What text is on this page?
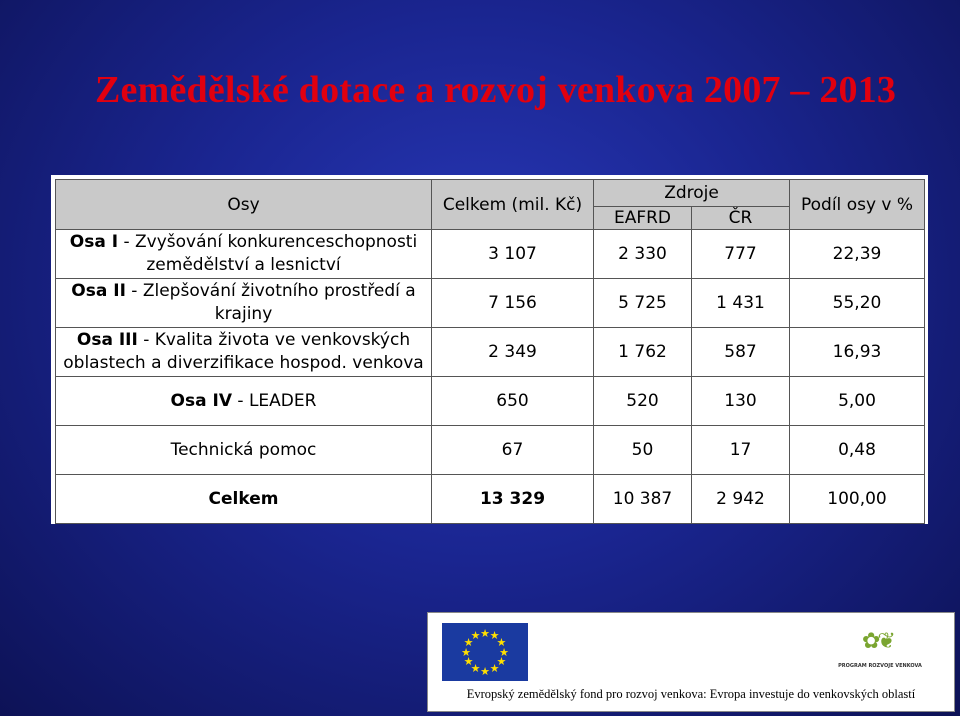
Zemědělské dotace a rozvoj venkova 2007 – 2013
Osy	Celkem (mil. Kč)	Zdroje		Podíl osy v %
		EAFRD	ČR	
Osa I - Zvyšování konkurenceschopnosti zemědělství a lesnictví	3 107	2 330	777	22,39
Osa II - Zlepšování životního prostředí a krajiny	7 156	5 725	1 431	55,20
Osa III - Kvalita života ve venkovských oblastech a diverzifikace hospod. venkova	2 349	1 762	587	16,93
Osa IV - LEADER	650	520	130	5,00
Technická pomoc	67	50	17	0,48
Celkem	13 329	10 387	2 942	100,00
★ ★
★
★
★
★
★
★
★
★
★
★	✿❦
PROGRAM ROZVOJE VENKOVA
Evropský zemědělský fond pro rozvoj venkova: Evropa investuje do venkovských oblastí
